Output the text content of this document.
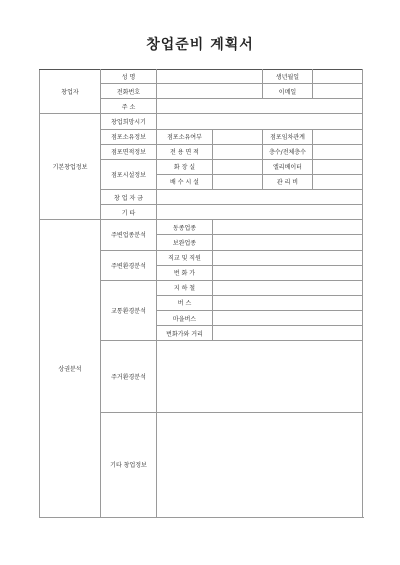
창업준비 계획서
창업자	성 명			생년월일	
	전화번호			이메일	
	주 소				
기본창업정보	창업희망시기				
	점포소유정보	점포소유여부		점포임차관계	
	점포면적정보	전 용 면 적		층수/전체층수	
	점포시설정보	화 장 실		엘리베이터	
		배 수 시 설		관 리 비	
	창 업 자 금				
	기 타				
상권분석	주변업종분석	동종업종			
		보완업종			
	주변환경분석	직교 및 직원			
		번 화 가			
	교통환경분석	지 하 철			
		버 스			
		마을버스			
		번화가와 거리			
	주거환경분석				
	기타 창업정보				
